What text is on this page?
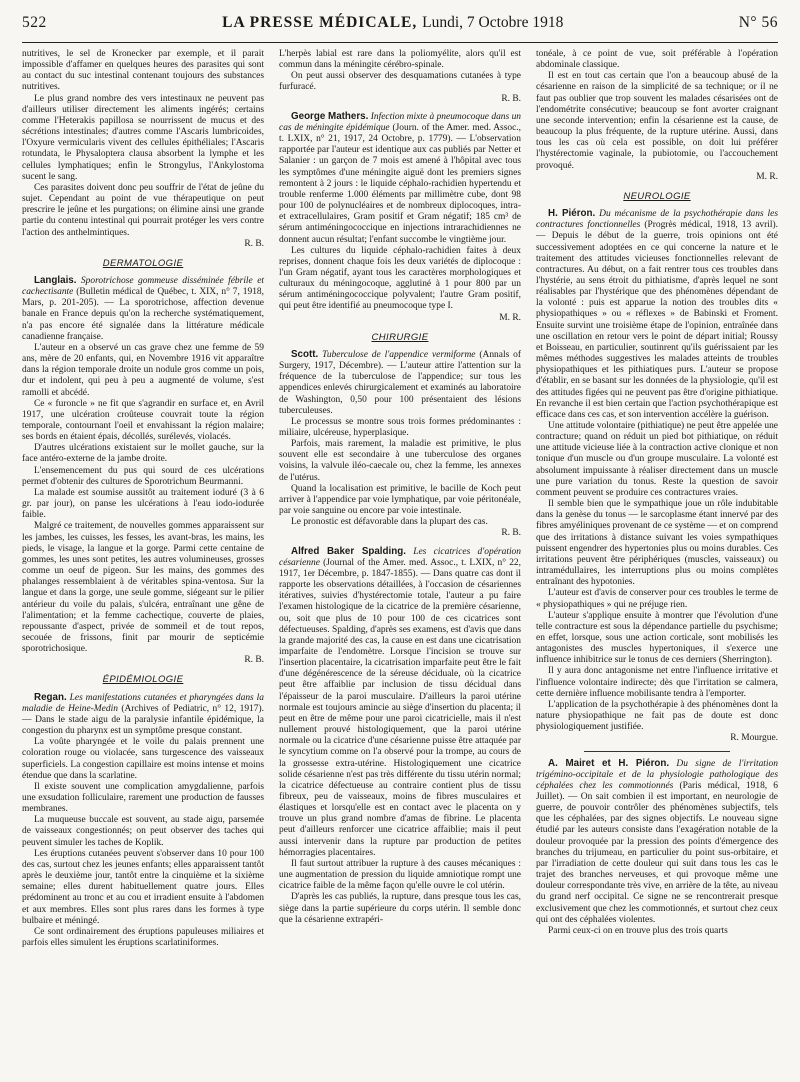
522	LA PRESSE MÉDICALE, Lundi, 7 Octobre 1918	N° 56

nutritives, le sel de Kronecker par exemple, et il parait impossible d'affamer en quelques heures des parasites qui sont au contact du suc intestinal contenant toujours des substances nutritives.

Le plus grand nombre des vers intestinaux ne peuvent pas d'ailleurs utiliser directement les aliments ingérés; certains comme l'Heterakis papillosa se nourrissent de mucus et des sécrétions intestinales; d'autres comme l'Ascaris lumbricoides, l'Oxyure vermicularis vivent des cellules épithéliales; l'Ascaris rotundata, le Physaloptera clausa absorbent la lymphe et les cellules lymphatiques; enfin le Strongylus, l'Ankylostoma sucent le sang.

Ces parasites doivent donc peu souffrir de l'état de jeûne du sujet. Cependant au point de vue thérapeutique on peut prescrire le jeûne et les purgations; on élimine ainsi une grande partie du contenu intestinal qui pourrait protéger les vers contre l'action des anthelmintiques.

R. B.

DERMATOLOGIE

Langlais. Sporotrichose gommeuse disséminée fébrile et cachectisante (Bulletin médical de Québec, t. XIX, n° 7, 1918, Mars, p. 201-205). — La sporotrichose, affection devenue banale en France depuis qu'on la recherche systématiquement, n'a pas encore été signalée dans la littérature médicale canadienne française.

L'auteur en a observé un cas grave chez une femme de 59 ans, mère de 20 enfants, qui, en Novembre 1916 vit apparaître dans la région temporale droite un nodule gros comme un pois, dur et indolent, qui peu à peu a augmenté de volume, s'est ramolli et abcédé.

Ce « furoncle » ne fit que s'agrandir en surface et, en Avril 1917, une ulcération croûteuse couvrait toute la région temporale, contournant l'oeil et envahissant la région malaire; ses bords en étaient épais, décollés, surélevés, violacés.

D'autres ulcérations existaient sur le mollet gauche, sur la face antéro-externe de la jambe droite.

L'ensemencement du pus qui sourd de ces ulcérations permet d'obtenir des cultures de Sporotrichum Beurmanni.

La malade est soumise aussitôt au traitement ioduré (3 à 6 gr. par jour), on panse les ulcérations à l'eau iodo-iodurée faible.

Malgré ce traitement, de nouvelles gommes apparaissent sur les jambes, les cuisses, les fesses, les avant-bras, les mains, les pieds, le visage, la langue et la gorge. Parmi cette centaine de gommes, les unes sont petites, les autres volumineuses, grosses comme un oeuf de pigeon. Sur les mains, des gommes des phalanges ressemblaient à de véritables spina-ventosa. Sur la langue et dans la gorge, une seule gomme, siégeant sur le pilier antérieur du voile du palais, s'ulcéra, entraînant une gêne de l'alimentation; et la femme cachectique, couverte de plaies, repoussante d'aspect, privée de sommeil et de tout repos, secouée de frissons, finit par mourir de septicémie sporotrichosique.

R. B.

ÉPIDÉMIOLOGIE

Regan. Les manifestations cutanées et pharyngées dans la maladie de Heine-Medin (Archives of Pediatric, n° 12, 1917). — Dans le stade aigu de la paralysie infantile épidémique, la congestion du pharynx est un symptôme presque constant.

La voûte pharyngée et le voile du palais prennent une coloration rouge ou violacée, sans turgescence des vaisseaux superficiels. La congestion capillaire est moins intense et moins étendue que dans la scarlatine.

Il existe souvent une complication amygdalienne, parfois une exsudation folliculaire, rarement une production de fausses membranes.

La muqueuse buccale est souvent, au stade aigu, parsemée de vaisseaux congestionnés; on peut observer des taches qui peuvent simuler les taches de Koplik.

Les éruptions cutanées peuvent s'observer dans 10 pour 100 des cas, surtout chez les jeunes enfants; elles apparaissent tantôt après le deuxième jour, tantôt entre la cinquième et la sixième semaine; elles durent habituellement quatre jours. Elles prédominent au tronc et au cou et irradient ensuite à l'abdomen et aux membres. Elles sont plus rares dans les formes à type bulbaire et méningé.

Ce sont ordinairement des éruptions papuleuses miliaires et parfois elles simulent les éruptions scarlatiniformes.

L'herpès labial est rare dans la poliomyélite, alors qu'il est commun dans la méningite cérébro-spinale.

On peut aussi observer des desquamations cutanées à type furfuracé.

R. B.

George Mathers. Infection mixte à pneumocoque dans un cas de méningite épidémique (Journ. of the Amer. med. Assoc., t. LXIX, n° 21, 1917, 24 Octobre, p. 1779). — L'observation rapportée par l'auteur est identique aux cas publiés par Netter et Salanier : un garçon de 7 mois est amené à l'hôpital avec tous les symptômes d'une méningite aiguë dont les premiers signes remontent à 2 jours : le liquide céphalo-rachidien hypertendu et trouble renferme 1.000 éléments par millimètre cube, dont 98 pour 100 de polynucléaires et de nombreux diplocoques, intra- et extracellulaires, Gram positif et Gram négatif; 185 cm³ de sérum antiméningococcique en injections intrarachidiennes ne donnent aucun résultat; l'enfant succombe le vingtième jour.

Les cultures du liquide céphalo-rachidien faites à deux reprises, donnent chaque fois les deux variétés de diplocoque : l'un Gram négatif, ayant tous les caractères morphologiques et culturaux du méningocoque, agglutiné à 1 pour 800 par un sérum antiméningococcique polyvalent; l'autre Gram positif, qui peut être identifié au pneumocoque type I.

M. R.

CHIRURGIE

Scott. Tuberculose de l'appendice vermiforme (Annals of Surgery, 1917, Décembre). — L'auteur attire l'attention sur la fréquence de la tuberculose de l'appendice; sur tous les appendices enlevés chirurgicalement et examinés au laboratoire de Washington, 0,50 pour 100 présentaient des lésions tuberculeuses.

Le processus se montre sous trois formes prédominantes : miliaire, ulcéreuse, hyperplasique.

Parfois, mais rarement, la maladie est primitive, le plus souvent elle est secondaire à une tuberculose des organes voisins, la valvule iléo-caecale ou, chez la femme, les annexes de l'utérus.

Quand la localisation est primitive, le bacille de Koch peut arriver à l'appendice par voie lymphatique, par voie péritonéale, par voie sanguine ou encore par voie intestinale.

Le pronostic est défavorable dans la plupart des cas.

R. B.

Alfred Baker Spalding. Les cicatrices d'opération césarienne (Journal of the Amer. med. Assoc., t. LXIX, n° 22, 1917, 1er Décembre, p. 1847-1855). — Dans quatre cas dont il rapporte les observations détaillées, à l'occasion de césariennes itératives, suivies d'hystérectomie totale, l'auteur a pu faire l'examen histologique de la cicatrice de la première césarienne, ou, soit que plus de 10 pour 100 de ces cicatrices sont défectueuses. Spalding, d'après ses examens, est d'avis que dans la grande majorité des cas, la cause en est dans une cicatrisation imparfaite de l'endomètre. Lorsque l'incision se trouve sur l'insertion placentaire, la cicatrisation imparfaite peut être le fait d'une dégénérescence de la séreuse déciduale, où la cicatrice peut être affaiblie par inclusion de tissu décidual dans l'épaisseur de la paroi musculaire. D'ailleurs la paroi utérine normale est toujours amincie au siège d'insertion du placenta; il peut en être de même pour une paroi cicatricielle, mais il n'est nullement prouvé histologiquement, que la paroi utérine normale ou la cicatrice d'une césarienne puisse être attaquée par le syncytium comme on l'a observé pour la trompe, au cours de la grossesse extra-utérine. Histologiquement une cicatrice solide césarienne n'est pas très différente du tissu utérin normal; la cicatrice défectueuse au contraire contient plus de tissu fibreux, peu de vaisseaux, moins de fibres musculaires et élastiques et lorsqu'elle est en contact avec le placenta on y trouve un plus grand nombre d'amas de fibrine. Le placenta peut d'ailleurs renforcer une cicatrice affaiblie; mais il peut aussi intervenir dans la rupture par production de petites hémorragies placentaires.

Il faut surtout attribuer la rupture à des causes mécaniques : une augmentation de pression du liquide amniotique rompt une cicatrice faible de la même façon qu'elle ouvre le col utérin.

D'après les cas publiés, la rupture, dans presque tous les cas, siège dans la partie supérieure du corps utérin. Il semble donc que la césarienne extrapéri-

tonéale, à ce point de vue, soit préférable à l'opération abdominale classique.

Il est en tout cas certain que l'on a beaucoup abusé de la césarienne en raison de la simplicité de sa technique; or il ne faut pas oublier que trop souvent les malades césarisées ont de l'endométrite consécutive; beaucoup se font avorter craignant une seconde intervention; enfin la césarienne est la cause, de beaucoup la plus fréquente, de la rupture utérine. Aussi, dans tous les cas où cela est possible, on doit lui préférer l'hystérectomie vaginale, la pubiotomie, ou l'accouchement provoqué.

M. R.

NEUROLOGIE

H. Piéron. Du mécanisme de la psychothérapie dans les contractures fonctionnelles (Progrès médical, 1918, 13 avril). — Depuis le début de la guerre, trois opinions ont été successivement adoptées en ce qui concerne la nature et le traitement des attitudes vicieuses fonctionnelles relevant de contractures. Au début, on a fait rentrer tous ces troubles dans l'hystérie, au sens étroit du pithiatisme, d'après lequel ne sont réalisables par l'hystérique que des phénomènes dépendant de la volonté : puis est apparue la notion des troubles dits « physiopathiques » ou « réflexes » de Babinski et Froment. Ensuite survint une troisième étape de l'opinion, entraînée dans une oscillation en retour vers le point de départ initial; Roussy et Boisseau, en particulier, soutinrent qu'ils guérissaient par les mêmes méthodes suggestives les malades atteints de troubles physiopathiques et les pithiatiques purs. L'auteur se propose d'établir, en se basant sur les données de la physiologie, qu'il est des attitudes figées qui ne peuvent pas être d'origine pithiatique. En revanche il est bien certain que l'action psychothérapique est efficace dans ces cas, et son intervention accélère la guérison.

Une attitude volontaire (pithiatique) ne peut être appelée une contracture; quand on réduit un pied bot pithiatique, on réduit une attitude vicieuse liée à la contraction active clonique et non tonique d'un muscle ou d'un groupe musculaire. La volonté est absolument impuissante à réaliser directement dans un muscle une pure variation du tonus. Reste la question de savoir comment peuvent se produire ces contractures vraies.

Il semble bien que le sympathique joue un rôle indubitable dans la genèse du tonus — le sarcoplasme étant innervé par des fibres amyéliniques provenant de ce système — et on comprend que des irritations à distance suivant les voies sympathiques puissent engendrer des hypertonies plus ou moins durables. Ces irritations peuvent être périphériques (muscles, vaisseaux) ou intramédullaires, les interruptions plus ou moins complètes entraînant des hypotonies.

L'auteur est d'avis de conserver pour ces troubles le terme de « physiopathiques » qui ne préjuge rien.

L'auteur s'applique ensuite à montrer que l'évolution d'une telle contracture est sous la dépendance partielle du psychisme; en effet, lorsque, sous une action corticale, sont mobilisés les antagonistes des muscles hypertoniques, il s'exerce une influence inhibitrice sur le tonus de ces derniers (Sherrington).

Il y aura donc antagonisme net entre l'influence irritative et l'influence volontaire indirecte; dès que l'irritation se calmera, cette dernière influence mobilisante tendra à l'emporter.

L'application de la psychothérapie à des phénomènes dont la nature physiopathique ne fait pas de doute est donc physiologiquement justifiée.

R. Mourgue.

A. Mairet et H. Piéron. Du signe de l'irritation trigémino-occipitale et de la physiologie pathologique des céphalées chez les commotionnés (Paris médical, 1918, 6 Juillet). — On sait combien il est important, en neurologie de guerre, de pouvoir contrôler des phénomènes subjectifs, tels que les céphalées, par des signes objectifs. Le nouveau signe étudié par les auteurs consiste dans l'exagération notable de la douleur provoquée par la pression des points d'émergence des branches du trijumeau, en particulier du point sus-orbitaire, et par l'irradiation de cette douleur qui suit dans tous les cas le trajet des branches nerveuses, et qui provoque même une douleur correspondante très vive, en arrière de la tête, au niveau du grand nerf occipital. Ce signe ne se rencontrerait presque exclusivement que chez les commotionnés, et surtout chez ceux qui ont des céphalées violentes.

Parmi ceux-ci on en trouve plus des trois quarts
